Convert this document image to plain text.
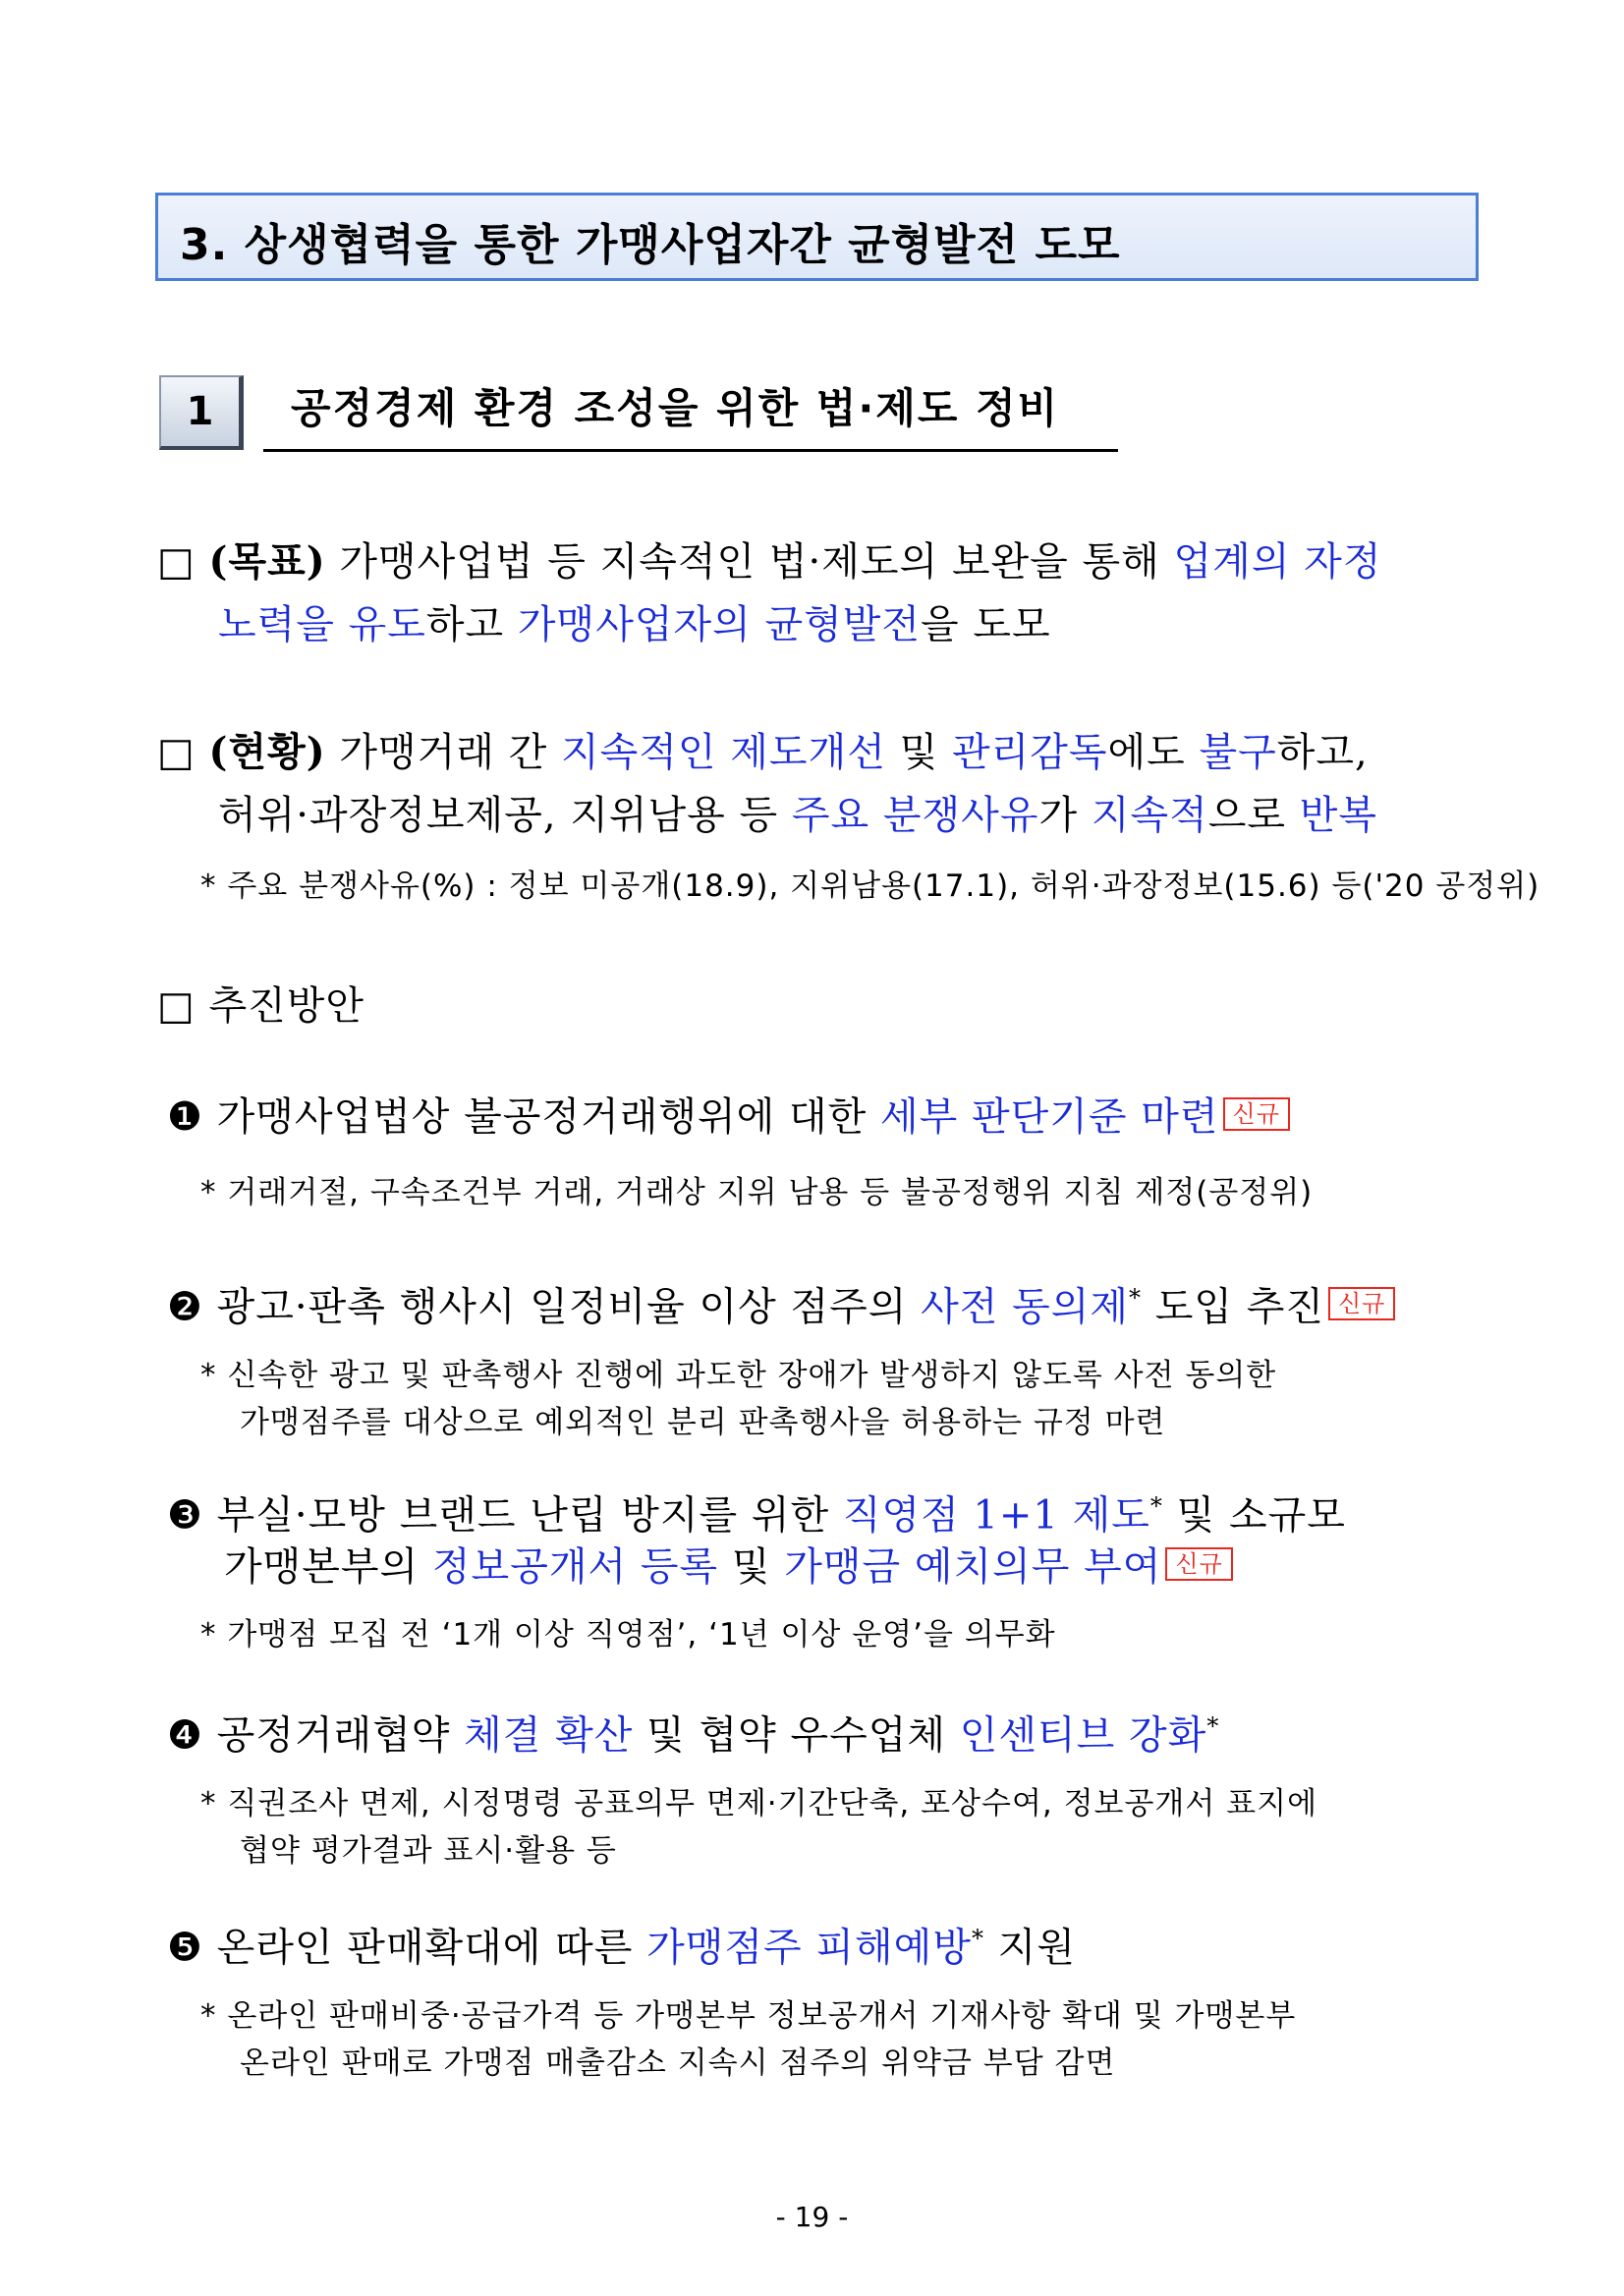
3. 상생협력을 통한 가맹사업자간 균형발전 도모
1	공정경제 환경 조성을 위한 법·제도 정비
□ (목표) 가맹사업법 등 지속적인 법·제도의 보완을 통해 업계의 자정
노력을 유도하고 가맹사업자의 균형발전을 도모
□ (현황) 가맹거래 간 지속적인 제도개선 및 관리감독에도 불구하고,
허위·과장정보제공, 지위남용 등 주요 분쟁사유가 지속적으로 반복
* 주요 분쟁사유(%) : 정보 미공개(18.9), 지위남용(17.1), 허위·과장정보(15.6) 등('20 공정위)
□ 추진방안
❶ 가맹사업법상 불공정거래행위에 대한 세부 판단기준 마련 신규
* 거래거절, 구속조건부 거래, 거래상 지위 남용 등 불공정행위 지침 제정(공정위)
❷ 광고·판촉 행사시 일정비율 이상 점주의 사전 동의제* 도입 추진 신규
* 신속한 광고 및 판촉행사 진행에 과도한 장애가 발생하지 않도록 사전 동의한
가맹점주를 대상으로 예외적인 분리 판촉행사을 허용하는 규정 마련
❸ 부실·모방 브랜드 난립 방지를 위한 직영점 1+1 제도* 및 소규모
가맹본부의 정보공개서 등록 및 가맹금 예치의무 부여 신규
* 가맹점 모집 전 ‘1개 이상 직영점’, ‘1년 이상 운영’을 의무화
❹ 공정거래협약 체결 확산 및 협약 우수업체 인센티브 강화*
* 직권조사 면제, 시정명령 공표의무 면제·기간단축, 포상수여, 정보공개서 표지에
협약 평가결과 표시·활용 등
❺ 온라인 판매확대에 따른 가맹점주 피해예방* 지원
* 온라인 판매비중·공급가격 등 가맹본부 정보공개서 기재사항 확대 및 가맹본부
온라인 판매로 가맹점 매출감소 지속시 점주의 위약금 부담 감면
- 19 -
